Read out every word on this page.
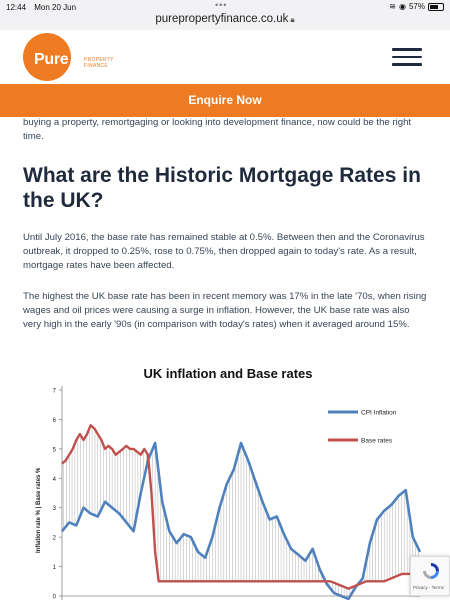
12:44 Mon 20 Jun	•••	≋ ◉ 57%
purepropertyfinance.co.uk 🔒︎
Pure	PROPERTY
FINANCE
Enquire Now

buying a property, remortgaging or looking into development finance, now could be the right time.

What are the Historic Mortgage Rates in the UK?

Until July 2016, the base rate has remained stable at 0.5%. Between then and the Coronavirus outbreak, it dropped to 0.25%, rose to 0.75%, then dropped again to today's rate. As a result, mortgage rates have been affected.

The highest the UK base rate has been in recent memory was 17% in the late '70s, when rising wages and oil prices were causing a surge in inflation. However, the UK base rate was also very high in the early '90s (in comparison with today's rates) when it averaged around 15%.

UK inflation and Base rates
0
1
2
3
4
5
6
7
Inflation rate % | Base rates %
CPI Inflation
Base rates
Privacy - Terms
